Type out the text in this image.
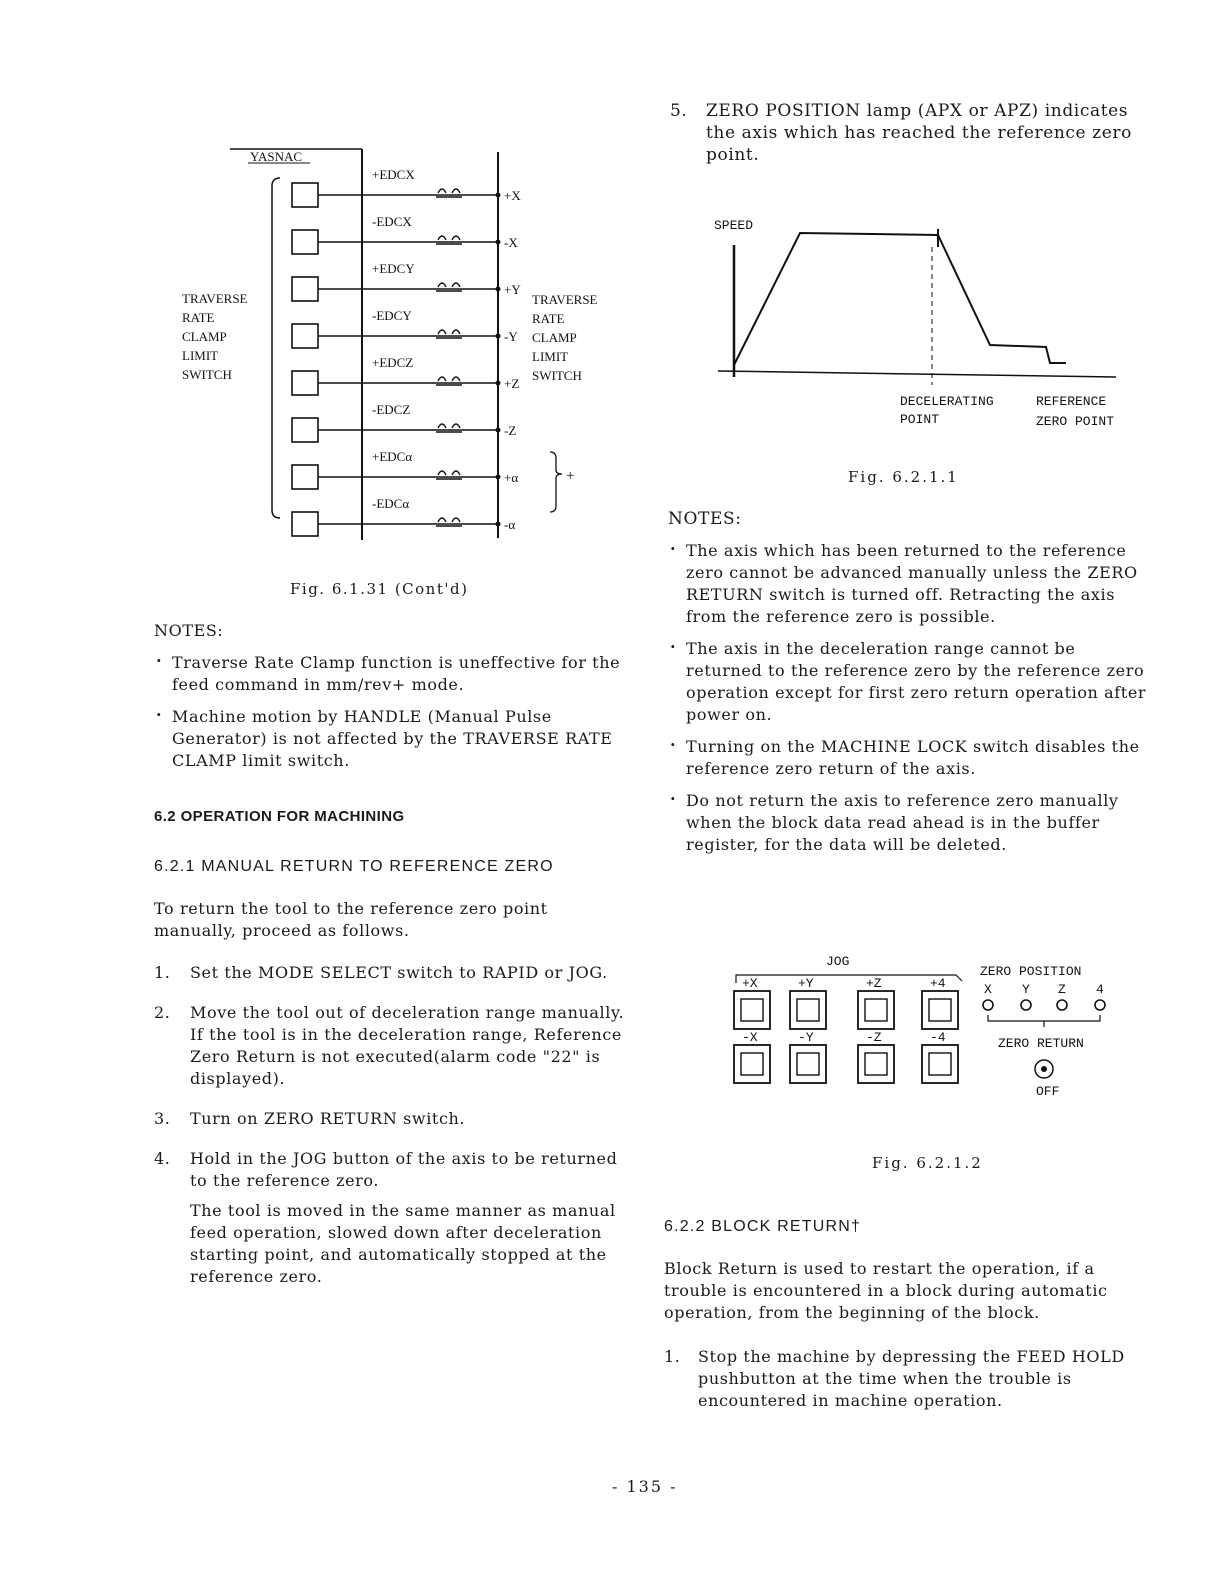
YASNAC
+EDCX
+X
-EDCX
-X
+EDCY
+Y
-EDCY
-Y
+EDCZ
+Z
-EDCZ
-Z
+EDCα
+α
-EDCα
-α
TRAVERSE
RATE
CLAMP
LIMIT
SWITCH
TRAVERSE
RATE
CLAMP
LIMIT
SWITCH
+
Fig. 6.1.31 (Cont'd)
NOTES:
· Traverse Rate Clamp function is uneffective for the feed command in mm/rev+ mode.
· Machine motion by HANDLE (Manual Pulse Generator) is not affected by the TRAVERSE RATE CLAMP limit switch.
6.2 OPERATION FOR MACHINING
6.2.1 MANUAL RETURN TO REFERENCE ZERO
To return the tool to the reference zero point manually, proceed as follows.
1. Set the MODE SELECT switch to RAPID or JOG.
2. Move the tool out of deceleration range manually. If the tool is in the deceleration range, Reference Zero Return is not executed(alarm code "22" is displayed).
3. Turn on ZERO RETURN switch.
4. Hold in the JOG button of the axis to be returned to the reference zero.
The tool is moved in the same manner as manual feed operation, slowed down after deceleration starting point, and automatically stopped at the reference zero.
5. ZERO POSITION lamp (APX or APZ) indicates the axis which has reached the reference zero point.
SPEED
DECELERATING
POINT
REFERENCE
ZERO POINT
Fig. 6.2.1.1
NOTES:
· The axis which has been returned to the reference zero cannot be advanced manually unless the ZERO RETURN switch is turned off. Retracting the axis from the reference zero is possible.
· The axis in the deceleration range cannot be returned to the reference zero by the reference zero operation except for first zero return operation after power on.
· Turning on the MACHINE LOCK switch disables the reference zero return of the axis.
· Do not return the axis to reference zero manually when the block data read ahead is in the buffer register, for the data will be deleted.
JOG
+X	+Y	+Z	+4
-X	-Y	-Z	-4
ZERO POSITION
X Y Z 4
ZERO RETURN
OFF
Fig. 6.2.1.2
6.2.2 BLOCK RETURN†
Block Return is used to restart the operation, if a trouble is encountered in a block during automatic operation, from the beginning of the block.
1. Stop the machine by depressing the FEED HOLD pushbutton at the time when the trouble is encountered in machine operation.
- 135 -
